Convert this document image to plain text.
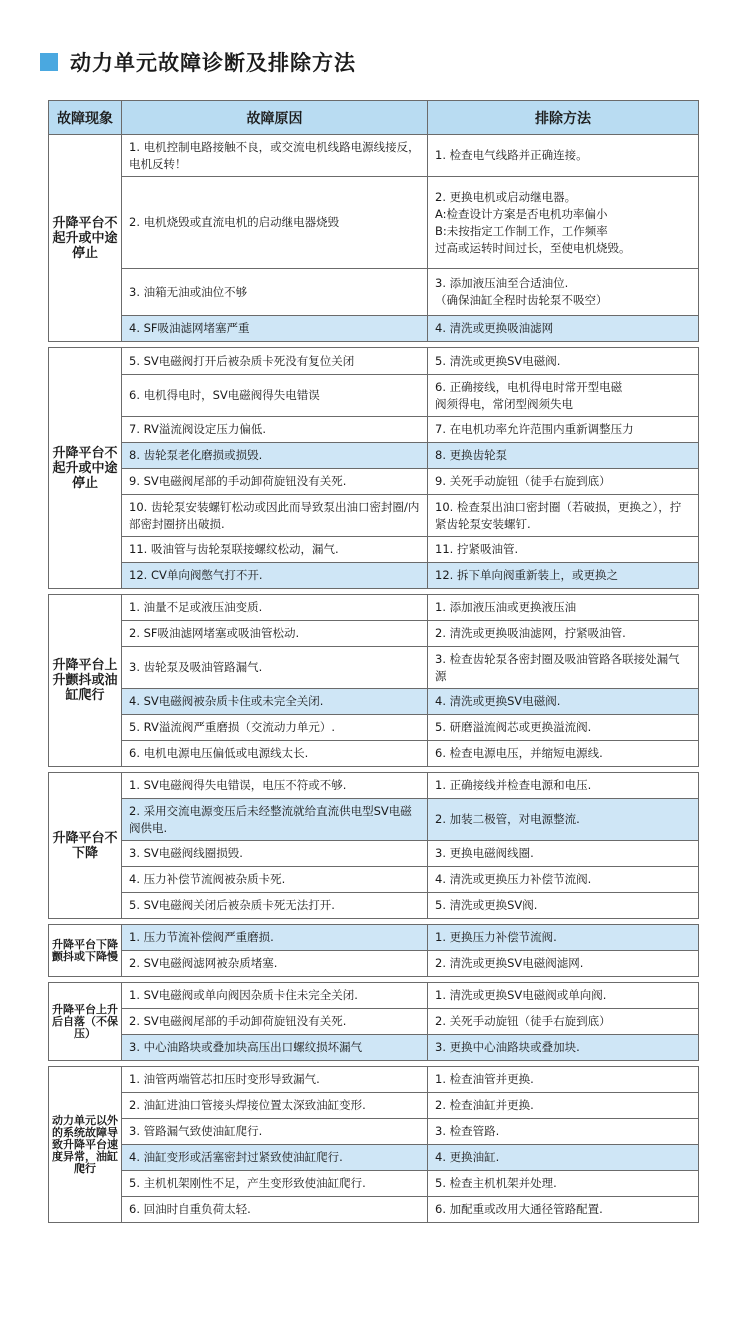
动力单元故障诊断及排除方法
故障现象	故障原因	排除方法
升降平台不起升或中途停止	1. 电机控制电路接触不良，或交流电机线路电源线接反，电机反转！	1. 检查电气线路并正确连接。
	2. 电机烧毁或直流电机的启动继电器烧毁	2. 更换电机或启动继电器。
A:检查设计方案是否电机功率偏小
B:未按指定工作制工作，工作频率
过高或运转时间过长，至使电机烧毁。
	3. 油箱无油或油位不够	3. 添加液压油至合适油位.
（确保油缸全程时齿轮泵不吸空）
	4. SF吸油滤网堵塞严重	4. 清洗或更换吸油滤网

升降平台不起升或中途停止	5. SV电磁阀打开后被杂质卡死没有复位关闭	5. 清洗或更换SV电磁阀.
	6. 电机得电时，SV电磁阀得失电错误	6. 正确接线，电机得电时常开型电磁
阀须得电，常闭型阀须失电
	7. RV溢流阀设定压力偏低.	7. 在电机功率允许范围内重新调整压力
	8. 齿轮泵老化磨损或损毁.	8. 更换齿轮泵
	9. SV电磁阀尾部的手动卸荷旋钮没有关死.	9. 关死手动旋钮（徒手右旋到底）
	10. 齿轮泵安装螺钉松动或因此而导致泵出油口密封圈/内部密封圈挤出破损.	10. 检查泵出油口密封圈（若破损，更换之），拧紧齿轮泵安装螺钉.
	11. 吸油管与齿轮泵联接螺纹松动，漏气.	11. 拧紧吸油管.
	12. CV单向阀憋气打不开.	12. 拆下单向阀重新装上，或更换之

升降平台上升颤抖或油缸爬行	1. 油量不足或液压油变质.	1. 添加液压油或更换液压油
	2. SF吸油滤网堵塞或吸油管松动.	2. 清洗或更换吸油滤网，拧紧吸油管.
	3. 齿轮泵及吸油管路漏气.	3. 检查齿轮泵各密封圈及吸油管路各联接处漏气源
	4. SV电磁阀被杂质卡住或未完全关闭.	4. 清洗或更换SV电磁阀.
	5. RV溢流阀严重磨损（交流动力单元）.	5. 研磨溢流阀芯或更换溢流阀.
	6. 电机电源电压偏低或电源线太长.	6. 检查电源电压，并缩短电源线.

升降平台不下降	1. SV电磁阀得失电错误，电压不符或不够.	1. 正确接线并检查电源和电压.
	2. 采用交流电源变压后未经整流就给直流供电型SV电磁阀供电.	2. 加装二极管，对电源整流.
	3. SV电磁阀线圈损毁.	3. 更换电磁阀线圈.
	4. 压力补偿节流阀被杂质卡死.	4. 清洗或更换压力补偿节流阀.
	5. SV电磁阀关闭后被杂质卡死无法打开.	5. 清洗或更换SV阀.

升降平台下降颤抖或下降慢	1. 压力节流补偿阀严重磨损.	1. 更换压力补偿节流阀.
	2. SV电磁阀滤网被杂质堵塞.	2. 清洗或更换SV电磁阀滤网.

升降平台上升后自落（不保压）	1. SV电磁阀或单向阀因杂质卡住未完全关闭.	1. 清洗或更换SV电磁阀或单向阀.
	2. SV电磁阀尾部的手动卸荷旋钮没有关死.	2. 关死手动旋钮（徒手右旋到底）
	3. 中心油路块或叠加块高压出口螺纹损坏漏气	3. 更换中心油路块或叠加块.

动力单元以外的系统故障导致升降平台速度异常，油缸爬行	1. 油管两端管芯扣压时变形导致漏气.	1. 检查油管并更换.
	2. 油缸进油口管接头焊接位置太深致油缸变形.	2. 检查油缸并更换.
	3. 管路漏气致使油缸爬行.	3. 检查管路.
	4. 油缸变形或活塞密封过紧致使油缸爬行.	4. 更换油缸.
	5. 主机机架刚性不足，产生变形致使油缸爬行.	5. 检查主机机架并处理.
	6. 回油时自重负荷太轻.	6. 加配重或改用大通径管路配置.
